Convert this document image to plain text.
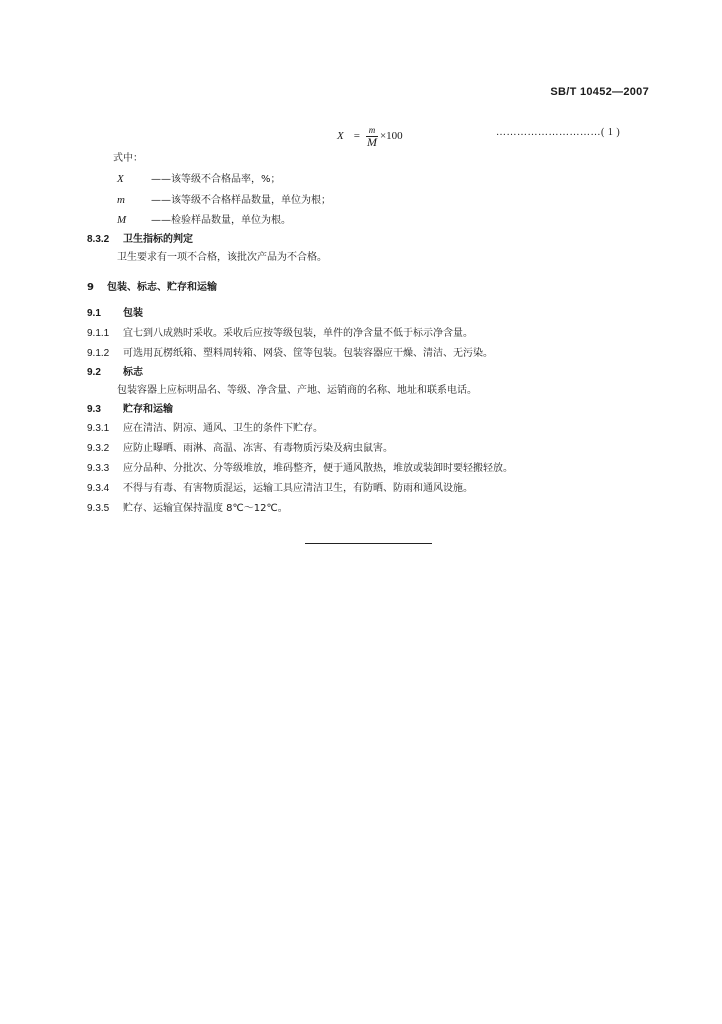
SB/T 10452—2007
$X = \frac{m}{M} \times 100$	…………………………( 1 )
式中：
X	——该等级不合格品率，%；
m	——该等级不合格样品数量，单位为根；
M ——检验样品数量，单位为根。
8.3.2 卫生指标的判定
卫生要求有一项不合格，该批次产品为不合格。
9 包装、标志、贮存和运输
9.1 包装
9.1.1 宜七到八成熟时采收。采收后应按等级包装，单件的净含量不低于标示净含量。
9.1.2 可选用瓦楞纸箱、塑料周转箱、网袋、筐等包装。包装容器应干燥、清洁、无污染。
9.2 标志
包装容器上应标明品名、等级、净含量、产地、运销商的名称、地址和联系电话。
9.3 贮存和运输
9.3.1 应在清洁、阴凉、通风、卫生的条件下贮存。
9.3.2 应防止曝晒、雨淋、高温、冻害、有毒物质污染及病虫鼠害。
9.3.3 应分品种、分批次、分等级堆放，堆码整齐，便于通风散热，堆放或装卸时要轻搬轻放。
9.3.4 不得与有毒、有害物质混运，运输工具应清洁卫生，有防晒、防雨和通风设施。
9.3.5 贮存、运输宜保持温度 8℃～12℃。
